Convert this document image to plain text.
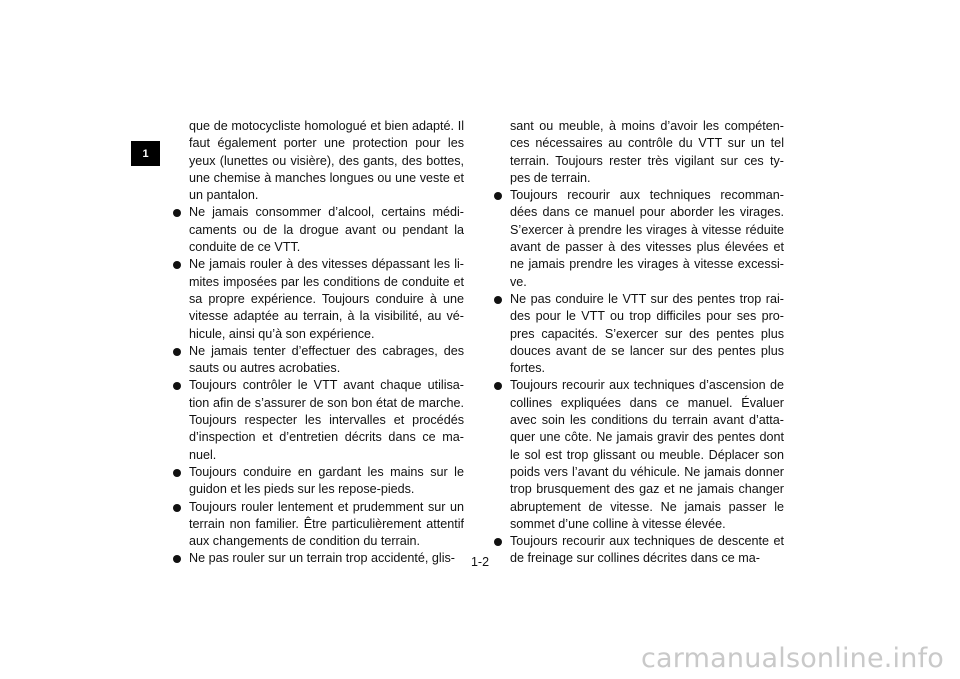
1

que de motocycliste homologué et bien adapté. Il faut également porter une protection pour les yeux (lunettes ou visière), des gants, des bottes, une chemise à manches longues ou une veste et un pantalon.

Ne jamais consommer d’alcool, certains médi-caments ou de la drogue avant ou pendant la conduite de ce VTT.

Ne jamais rouler à des vitesses dépassant les li-mites imposées par les conditions de conduite et sa propre expérience. Toujours conduire à une vitesse adaptée au terrain, à la visibilité, au vé-hicule, ainsi qu’à son expérience.

Ne jamais tenter d’effectuer des cabrages, des sauts ou autres acrobaties.

Toujours contrôler le VTT avant chaque utilisa-tion afin de s’assurer de son bon état de marche. Toujours respecter les intervalles et procédés d’inspection et d’entretien décrits dans ce ma-nuel.

Toujours conduire en gardant les mains sur le guidon et les pieds sur les repose-pieds.

Toujours rouler lentement et prudemment sur un terrain non familier. Être particulièrement attentif aux changements de condition du terrain.

Ne pas rouler sur un terrain trop accidenté, glis-

sant ou meuble, à moins d’avoir les compéten-ces nécessaires au contrôle du VTT sur un tel terrain. Toujours rester très vigilant sur ces ty-pes de terrain.

Toujours recourir aux techniques recomman-dées dans ce manuel pour aborder les virages. S’exercer à prendre les virages à vitesse réduite avant de passer à des vitesses plus élevées et ne jamais prendre les virages à vitesse excessi-ve.

Ne pas conduire le VTT sur des pentes trop rai-des pour le VTT ou trop difficiles pour ses pro-pres capacités. S’exercer sur des pentes plus douces avant de se lancer sur des pentes plus fortes.

Toujours recourir aux techniques d’ascension de collines expliquées dans ce manuel. Évaluer avec soin les conditions du terrain avant d’atta-quer une côte. Ne jamais gravir des pentes dont le sol est trop glissant ou meuble. Déplacer son poids vers l’avant du véhicule. Ne jamais donner trop brusquement des gaz et ne jamais changer abruptement de vitesse. Ne jamais passer le sommet d’une colline à vitesse élevée.

Toujours recourir aux techniques de descente et de freinage sur collines décrites dans ce ma-

1-2
carmanualsonline.info
